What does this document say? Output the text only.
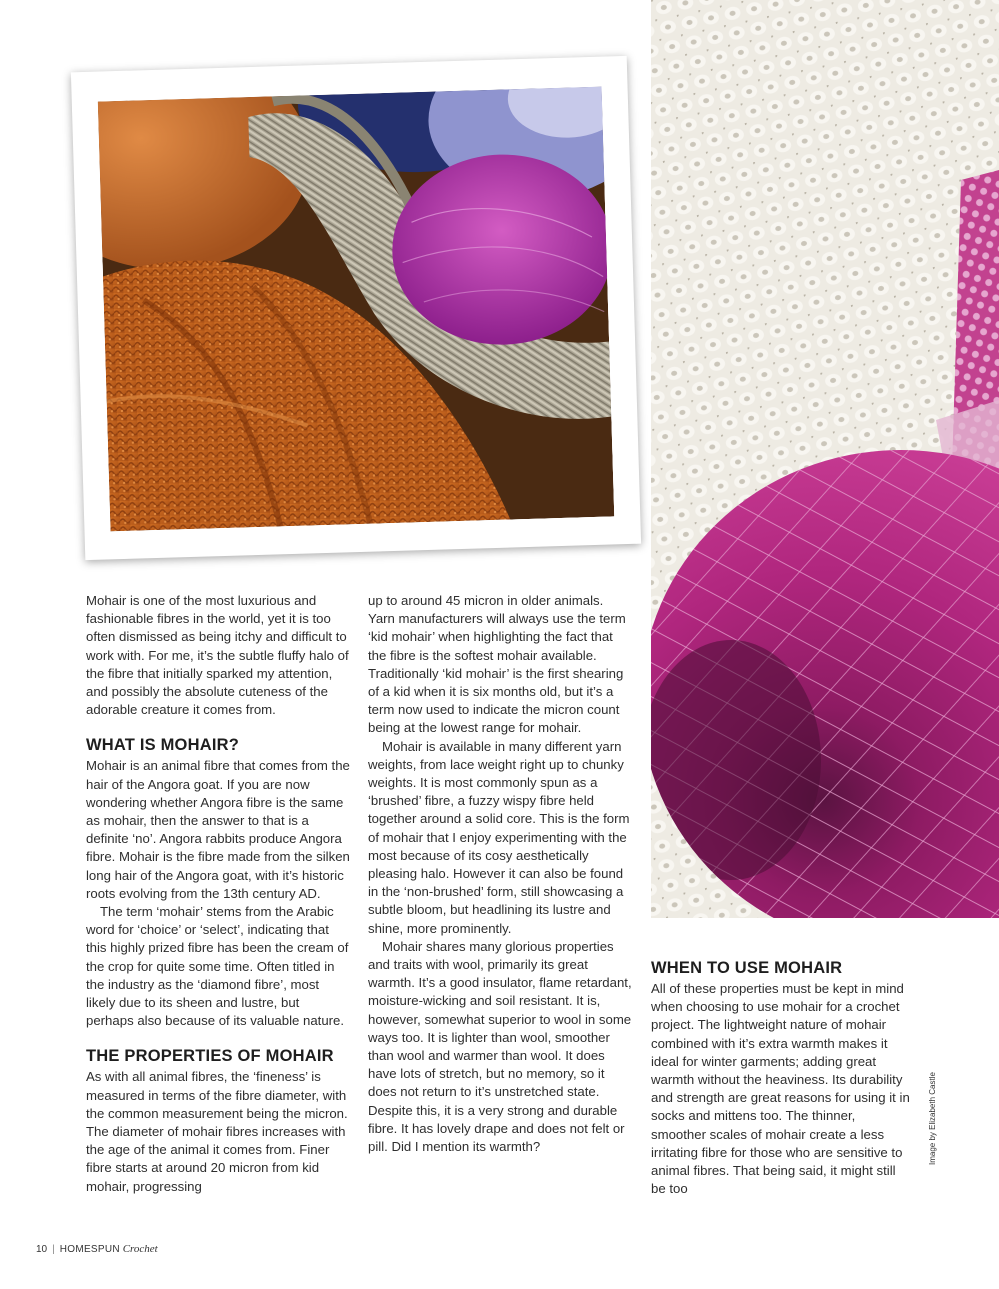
Mohair is one of the most luxurious and fashionable fibres in the world, yet it is too often dismissed as being itchy and difficult to work with. For me, it’s the subtle fluffy halo of the fibre that initially sparked my attention, and possibly the absolute cuteness of the adorable creature it comes from.

WHAT IS MOHAIR?

Mohair is an animal fibre that comes from the hair of the Angora goat. If you are now wondering whether Angora fibre is the same as mohair, then the answer to that is a definite ‘no’. Angora rabbits produce Angora fibre. Mohair is the fibre made from the silken long hair of the Angora goat, with it’s historic roots evolving from the 13th century AD.

The term ‘mohair’ stems from the Arabic word for ‘choice’ or ‘select’, indicating that this highly prized fibre has been the cream of the crop for quite some time. Often titled in the industry as the ‘diamond fibre’, most likely due to its sheen and lustre, but perhaps also because of its valuable nature.

THE PROPERTIES OF MOHAIR

As with all animal fibres, the ‘fineness’ is measured in terms of the fibre diameter, with the common measurement being the micron. The diameter of mohair fibres increases with the age of the animal it comes from. Finer fibre starts at around 20 micron from kid mohair, progressing

up to around 45 micron in older animals. Yarn manufacturers will always use the term ‘kid mohair’ when highlighting the fact that the fibre is the softest mohair available. Traditionally ‘kid mohair’ is the first shearing of a kid when it is six months old, but it’s a term now used to indicate the micron count being at the lowest range for mohair.

Mohair is available in many different yarn weights, from lace weight right up to chunky weights. It is most commonly spun as a ‘brushed’ fibre, a fuzzy wispy fibre held together around a solid core. This is the form of mohair that I enjoy experimenting with the most because of its cosy aesthetically pleasing halo. However it can also be found in the ‘non-brushed’ form, still showcasing a subtle bloom, but headlining its lustre and shine, more prominently.

Mohair shares many glorious properties and traits with wool, primarily its great warmth. It’s a good insulator, flame retardant, moisture-wicking and soil resistant. It is, however, somewhat superior to wool in some ways too. It is lighter than wool, smoother than wool and warmer than wool. It does have lots of stretch, but no memory, so it does not return to it’s unstretched state. Despite this, it is a very strong and durable fibre. It has lovely drape and does not felt or pill. Did I mention its warmth?

WHEN TO USE MOHAIR

All of these properties must be kept in mind when choosing to use mohair for a crochet project. The lightweight nature of mohair combined with it’s extra warmth makes it ideal for winter garments; adding great warmth without the heaviness. Its durability and strength are great reasons for using it in socks and mittens too. The thinner, smoother scales of mohair create a less irritating fibre for those who are sensitive to animal fibres. That being said, it might still be too

Image by Elizabeth Castle
10 | HOMESPUN Crochet
